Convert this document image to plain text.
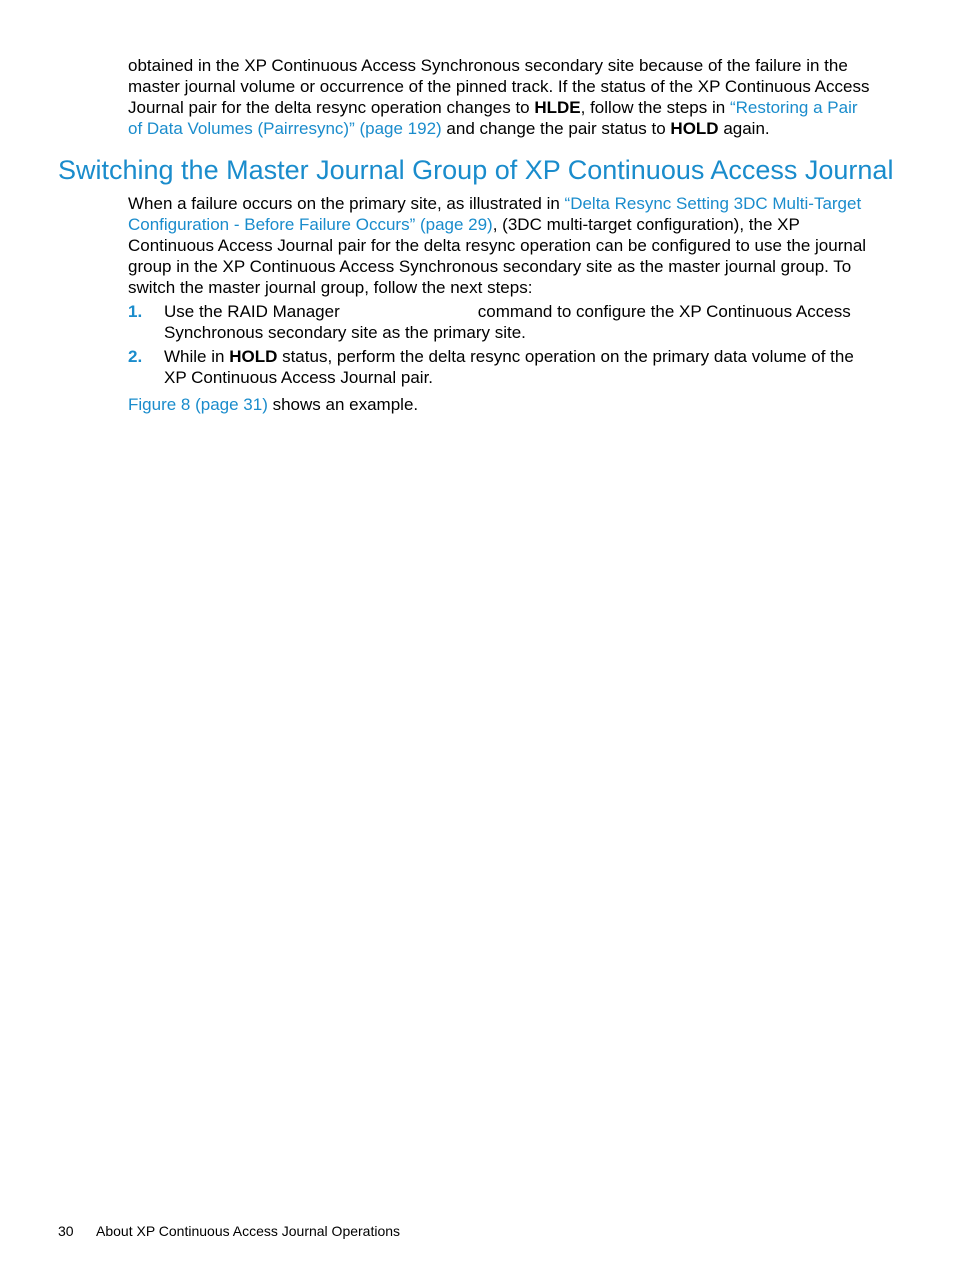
obtained in the XP Continuous Access Synchronous secondary site because of the failure in the master journal volume or occurrence of the pinned track. If the status of the XP Continuous Access Journal pair for the delta resync operation changes to HLDE, follow the steps in “Restoring a Pair of Data Volumes (Pairresync)” (page 192) and change the pair status to HOLD again.

Switching the Master Journal Group of XP Continuous Access Journal

When a failure occurs on the primary site, as illustrated in “Delta Resync Setting 3DC Multi-Target Configuration - Before Failure Occurs” (page 29), (3DC multi-target configuration), the XP Continuous Access Journal pair for the delta resync operation can be configured to use the journal group in the XP Continuous Access Synchronous secondary site as the master journal group. To switch the master journal group, follow the next steps:

1. Use the RAID Manager	command to configure the XP Continuous Access Synchronous secondary site as the primary site.
2. While in HOLD status, perform the delta resync operation on the primary data volume of the XP Continuous Access Journal pair.

Figure 8 (page 31) shows an example.

30 About XP Continuous Access Journal Operations
